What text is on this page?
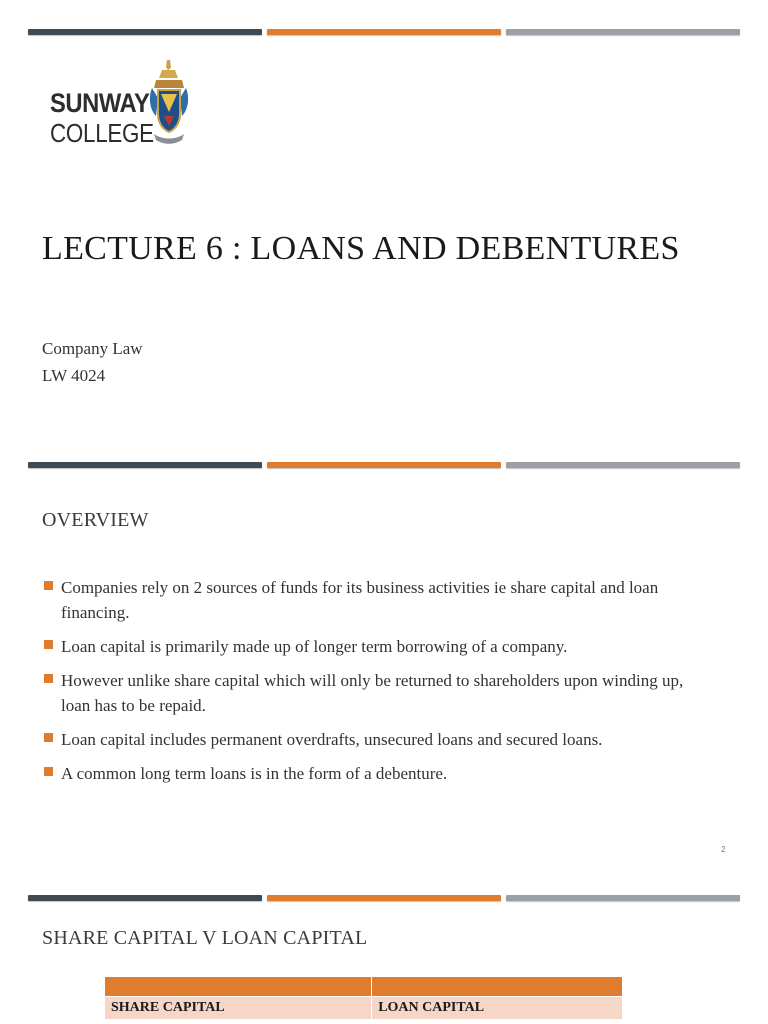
SUNWAY
COLLEGE
LECTURE 6 : LOANS AND DEBENTURES
Company Law
LW 4024
OVERVIEW
Companies rely on 2 sources of funds for its business activities ie share capital and loan financing.
Loan capital is primarily made up of longer term borrowing of a company.
However unlike share capital which will only be returned to shareholders upon winding up, loan has to be repaid.
Loan capital includes permanent overdrafts, unsecured loans and secured loans.
A common long term loans is in the form of a debenture.
2
SHARE CAPITAL V LOAN CAPITAL

SHARE CAPITAL	LOAN CAPITAL
